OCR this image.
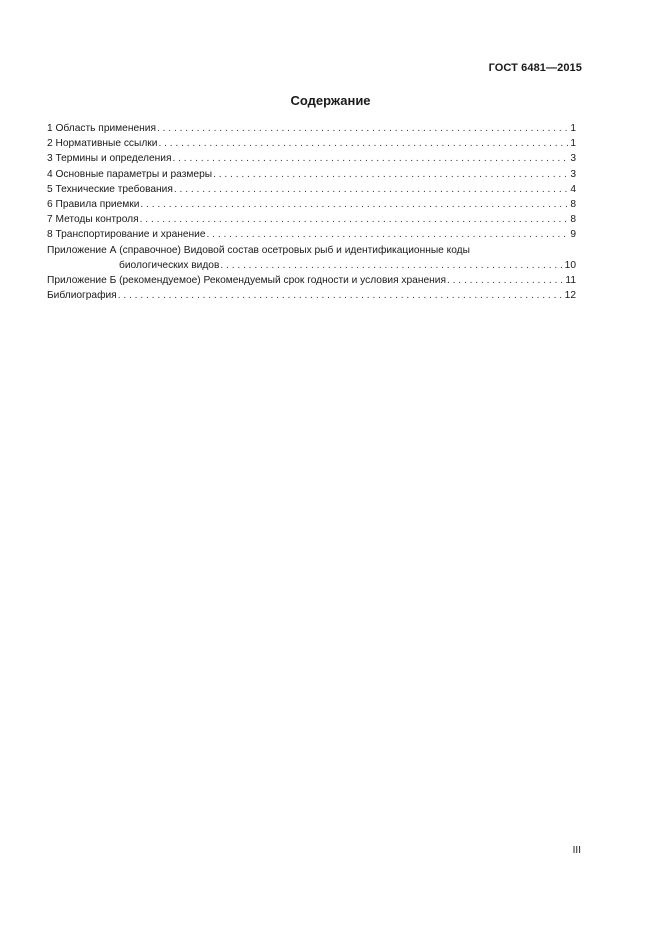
ГОСТ 6481—2015
Содержание
1 Область применения . . .	1
2 Нормативные ссылки . . .	1
3 Термины и определения . . .	3
4 Основные параметры и размеры . . .	3
5 Технические требования . . .	4
6 Правила приемки . . .	8
7 Методы контроля . . .	8
8 Транспортирование и хранение . . .	9
Приложение А (справочное) Видовой состав осетровых рыб и идентификационные коды
биологических видов . . .	10
Приложение Б (рекомендуемое) Рекомендуемый срок годности и условия хранения . . .	11
Библиография . . .	12
III
